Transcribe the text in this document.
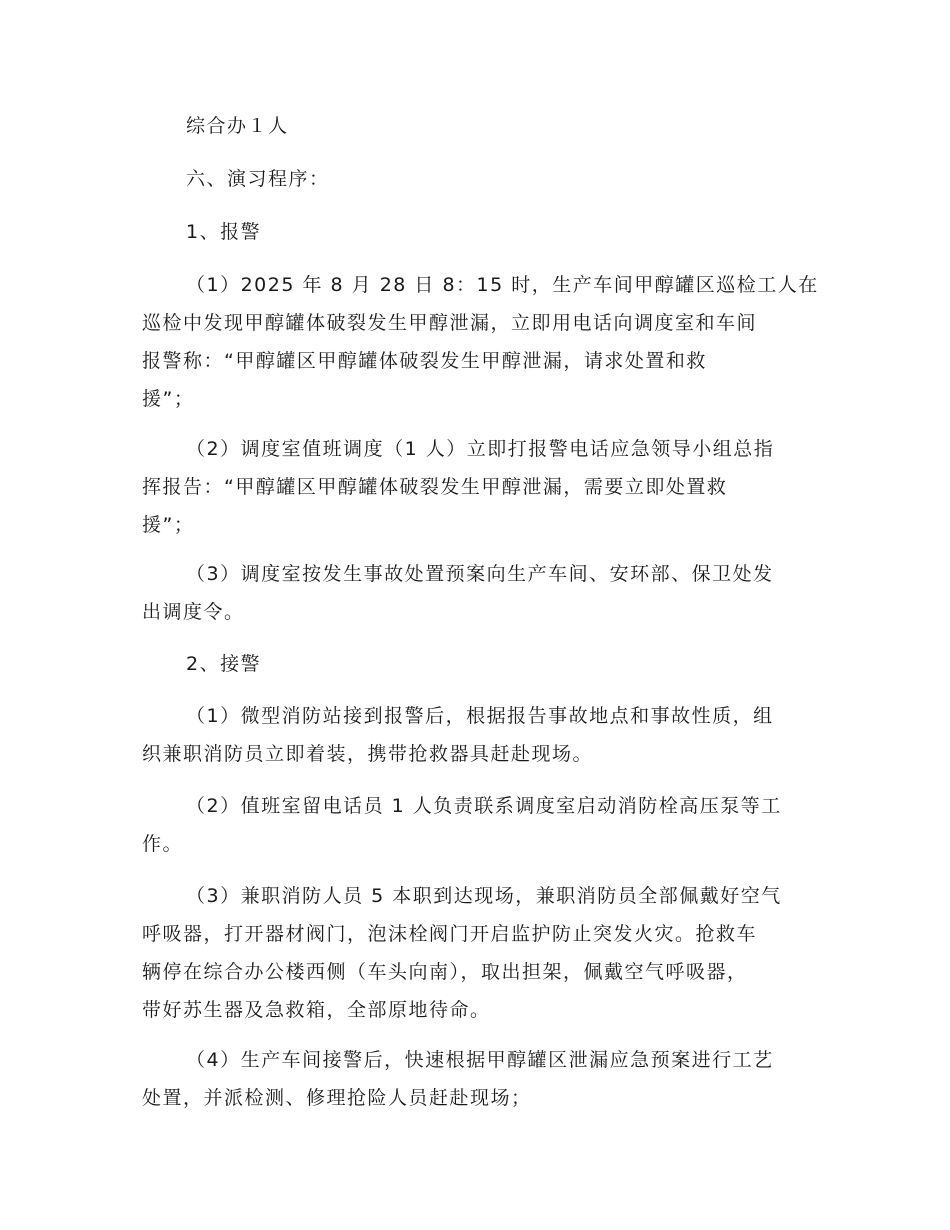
综合办１人

六、演习程序：

1、报警

（1）2025 年 8 月 28 日 8：15 时，生产车间甲醇罐区巡检工人在
巡检中发现甲醇罐体破裂发生甲醇泄漏，立即用电话向调度室和车间
报警称：“甲醇罐区甲醇罐体破裂发生甲醇泄漏，请求处置和救
援”；

（2）调度室值班调度（1 人）立即打报警电话应急领导小组总指
挥报告：“甲醇罐区甲醇罐体破裂发生甲醇泄漏，需要立即处置救
援”；

（3）调度室按发生事故处置预案向生产车间、安环部、保卫处发
出调度令。

2、接警

（1）微型消防站接到报警后，根据报告事故地点和事故性质，组
织兼职消防员立即着装，携带抢救器具赶赴现场。

（2）值班室留电话员 1 人负责联系调度室启动消防栓高压泵等工
作。

（3）兼职消防人员 5 本职到达现场，兼职消防员全部佩戴好空气
呼吸器，打开器材阀门，泡沫栓阀门开启监护防止突发火灾。抢救车
辆停在综合办公楼西侧（车头向南），取出担架，佩戴空气呼吸器，
带好苏生器及急救箱，全部原地待命。

（4）生产车间接警后，快速根据甲醇罐区泄漏应急预案进行工艺
处置，并派检测、修理抢险人员赶赴现场；
